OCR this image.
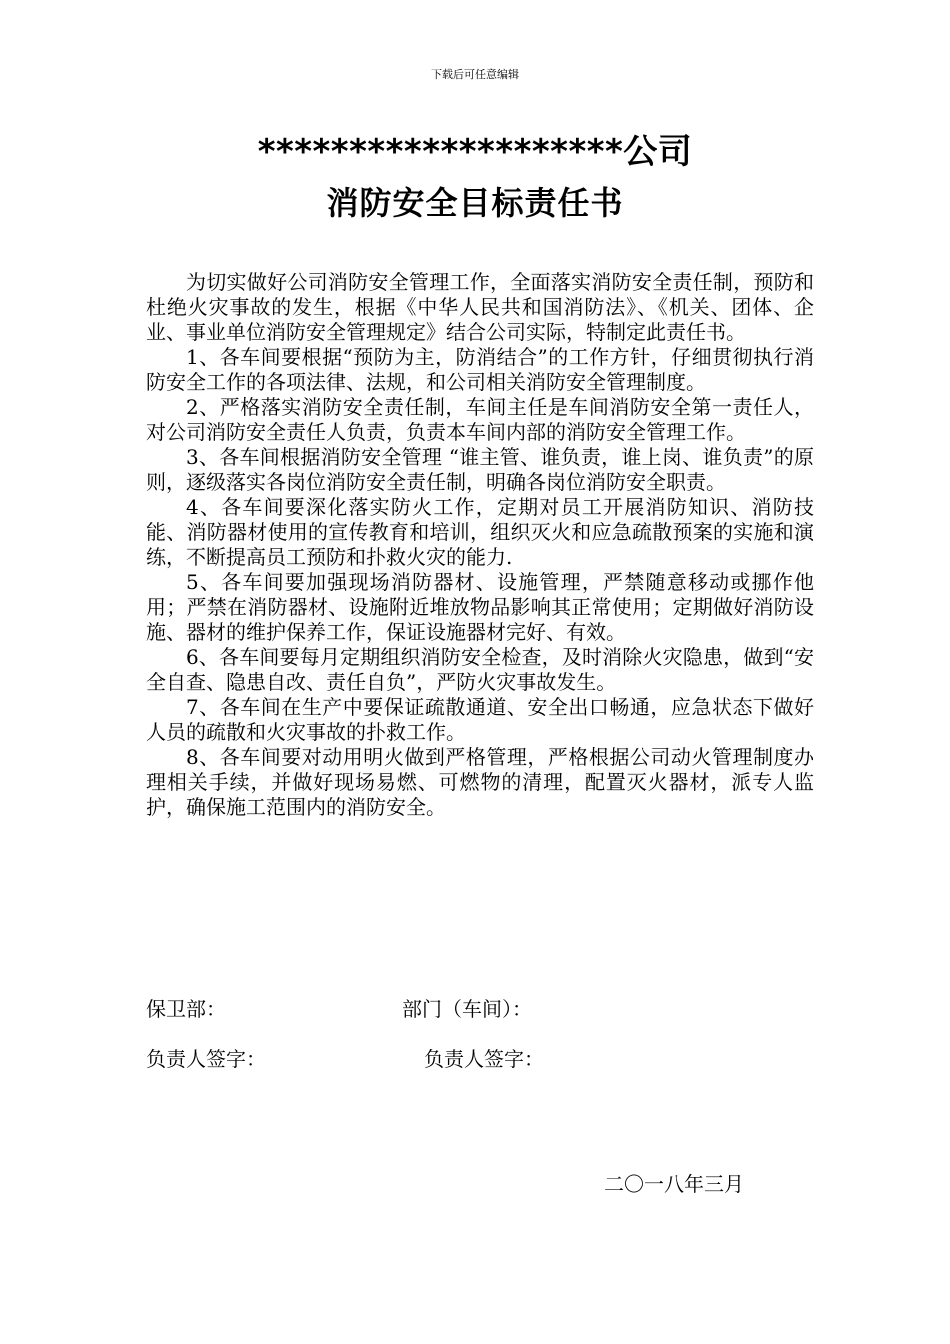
下载后可任意编辑
********************公司
消防安全目标责任书

为切实做好公司消防安全管理工作，全面落实消防安全责任制，预防和杜绝火灾事故的发生，根据《中华人民共和国消防法》、《机关、团体、企业、事业单位消防安全管理规定》结合公司实际，特制定此责任书。

1、各车间要根据“预防为主，防消结合”的工作方针，仔细贯彻执行消防安全工作的各项法律、法规，和公司相关消防安全管理制度。

2、严格落实消防安全责任制，车间主任是车间消防安全第一责任人，对公司消防安全责任人负责，负责本车间内部的消防安全管理工作。

3、各车间根据消防安全管理 “谁主管、谁负责，谁上岗、谁负责”的原则，逐级落实各岗位消防安全责任制，明确各岗位消防安全职责。

4、各车间要深化落实防火工作，定期对员工开展消防知识、消防技能、消防器材使用的宣传教育和培训，组织灭火和应急疏散预案的实施和演练，不断提高员工预防和扑救火灾的能力.

5、各车间要加强现场消防器材、设施管理，严禁随意移动或挪作他用；严禁在消防器材、设施附近堆放物品影响其正常使用；定期做好消防设施、器材的维护保养工作，保证设施器材完好、有效。

6、各车间要每月定期组织消防安全检查，及时消除火灾隐患，做到“安全自查、隐患自改、责任自负”，严防火灾事故发生。

7、各车间在生产中要保证疏散通道、安全出口畅通，应急状态下做好人员的疏散和火灾事故的扑救工作。

8、各车间要对动用明火做到严格管理，严格根据公司动火管理制度办理相关手续，并做好现场易燃、可燃物的清理，配置灭火器材，派专人监护，确保施工范围内的消防安全。

保卫部：	部门（车间）：
负责人签字：	负责人签字：
二〇一八年三月
